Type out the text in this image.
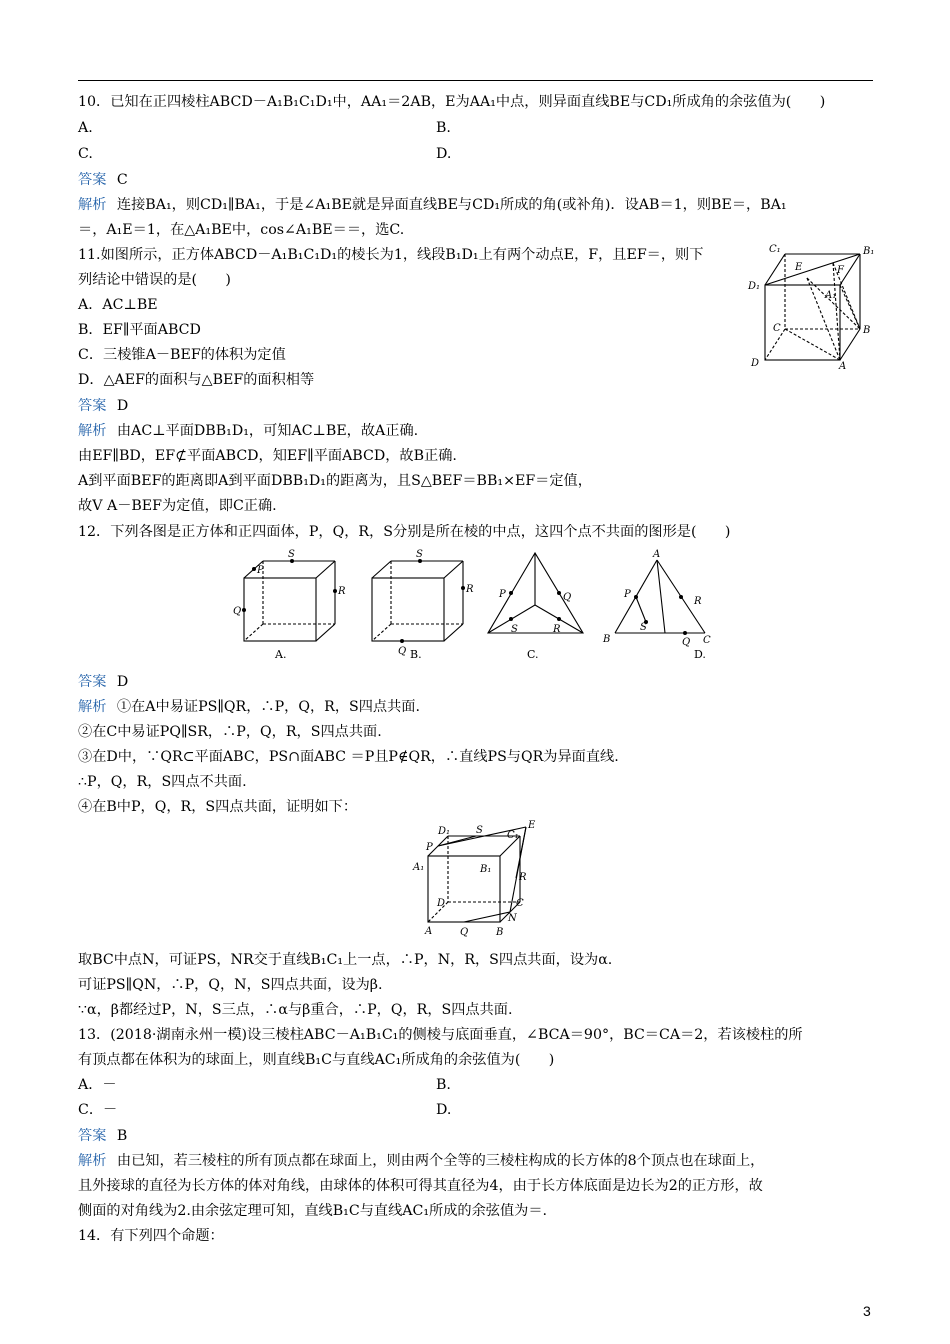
10．已知在正四棱柱ABCD－A₁B₁C₁D₁中，AA₁＝2AB，E为AA₁中点，则异面直线BE与CD₁所成角的余弦值为(　　)
A.	B.
C.	D.
答案 C
解析 连接BA₁，则CD₁∥BA₁，于是∠A₁BE就是异面直线BE与CD₁所成的角(或补角)．设AB＝1，则BE＝，BA₁
＝，A₁E＝1，在△A₁BE中，cos∠A₁BE＝＝，选C.
11.如图所示，正方体ABCD－A₁B₁C₁D₁的棱长为1，线段B₁D₁上有两个动点E，F，且EF＝，则下
列结论中错误的是(　　)
A．AC⊥BE
B．EF∥平面ABCD
C．三棱锥A－BEF的体积为定值
D．△AEF的面积与△BEF的面积相等
答案 D
解析 由AC⊥平面DBB₁D₁，可知AC⊥BE，故A正确.
由EF∥BD，EF⊄平面ABCD，知EF∥平面ABCD，故B正确.
A到平面BEF的距离即A到平面DBB₁D₁的距离为，且S△BEF＝BB₁×EF＝定值，
故V A－BEF为定值，即C正确.
C₁	B₁
D₁
E	F
A₁
C	B
D	A
12．下列各图是正方体和正四面体，P，Q，R，S分别是所在棱的中点，这四个点不共面的图形是(　　)
P
S
R
Q
A.
S
R
Q B.
P	Q
S	R
C.
A
P
R
S
B	C
Q
D.
答案 D
解析 ①在A中易证PS∥QR，∴P，Q，R，S四点共面.
②在C中易证PQ∥SR，∴P，Q，R，S四点共面.
③在D中，∵QR⊂平面ABC，PS∩面ABC ＝P且P∉QR，∴直线PS与QR为异面直线.
∴P，Q，R，S四点不共面.
④在B中P，Q，R，S四点共面，证明如下：
D₁	S C₁
E
P
A₁	B₁
R
D	C
N
A	Q	B
取BC中点N，可证PS，NR交于直线B₁C₁上一点，∴P，N，R，S四点共面，设为α.
可证PS∥QN，∴P，Q，N，S四点共面，设为β.
∵α，β都经过P，N，S三点，∴α与β重合，∴P，Q，R，S四点共面.
13．(2018·湖南永州一模)设三棱柱ABC－A₁B₁C₁的侧棱与底面垂直，∠BCA＝90°，BC＝CA＝2，若该棱柱的所
有顶点都在体积为的球面上，则直线B₁C与直线AC₁所成角的余弦值为(　　)
A．－	B.
C．－	D.
答案 B
解析 由已知，若三棱柱的所有顶点都在球面上，则由两个全等的三棱柱构成的长方体的8个顶点也在球面上，
且外接球的直径为长方体的体对角线，由球体的体积可得其直径为4，由于长方体底面是边长为2的正方形，故
侧面的对角线为2.由余弦定理可知，直线B₁C与直线AC₁所成的余弦值为＝.
14．有下列四个命题：
3
